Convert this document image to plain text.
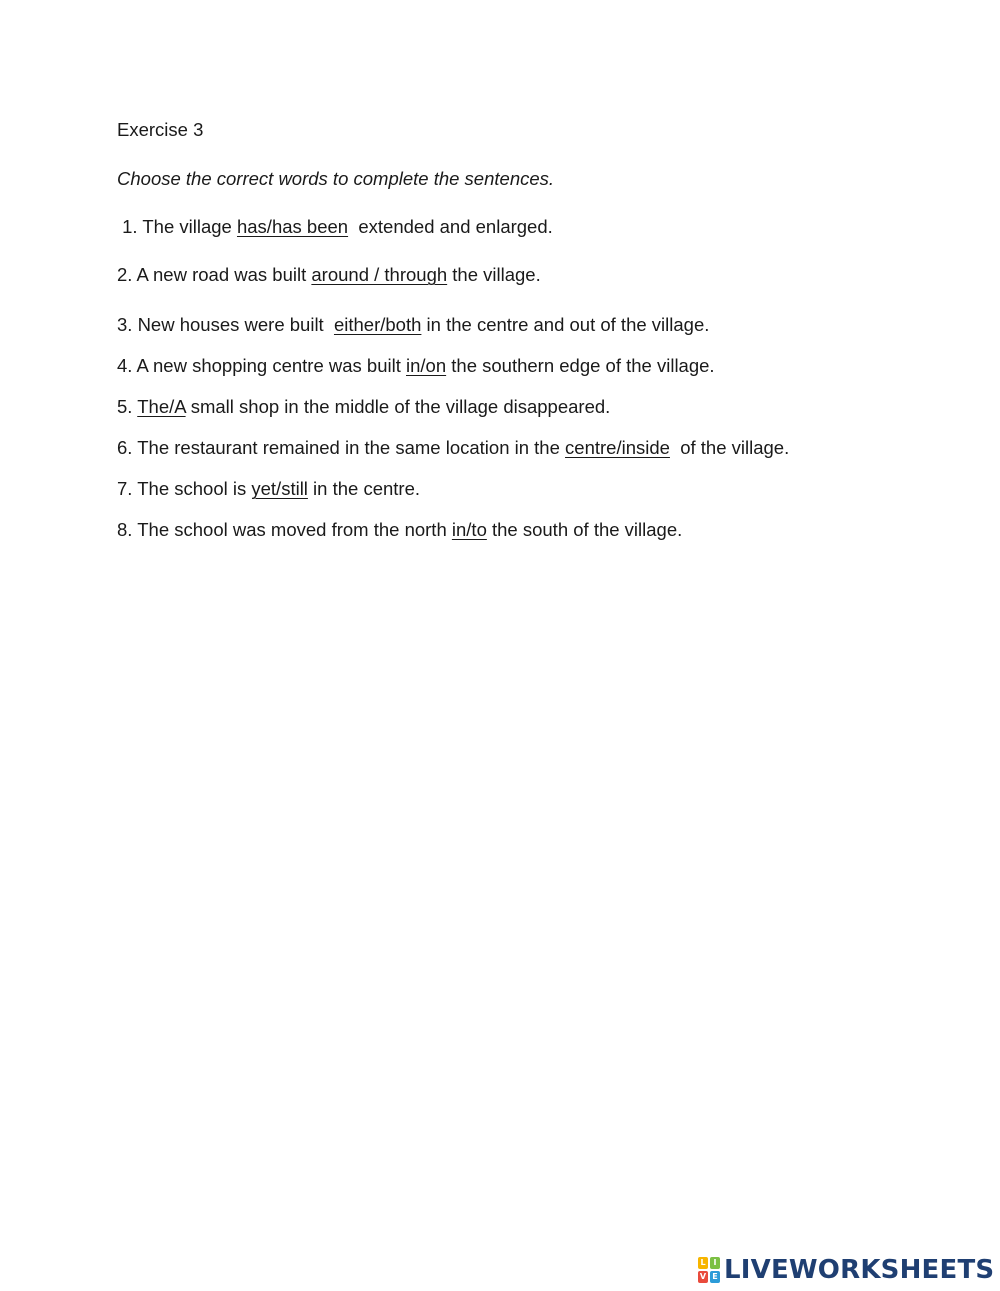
Exercise 3
Choose the correct words to complete the sentences.
1. The village has/has been  extended and enlarged.
2. A new road was built around / through the village.
3. New houses were built  either/both in the centre and out of the village.
4. A new shopping centre was built in/on the southern edge of the village.
5. The/A small shop in the middle of the village disappeared.
6. The restaurant remained in the same location in the centre/inside  of the village.
7. The school is yet/still in the centre.
8. The school was moved from the north in/to the south of the village.
L I
V E LIVEWORKSHEETS
